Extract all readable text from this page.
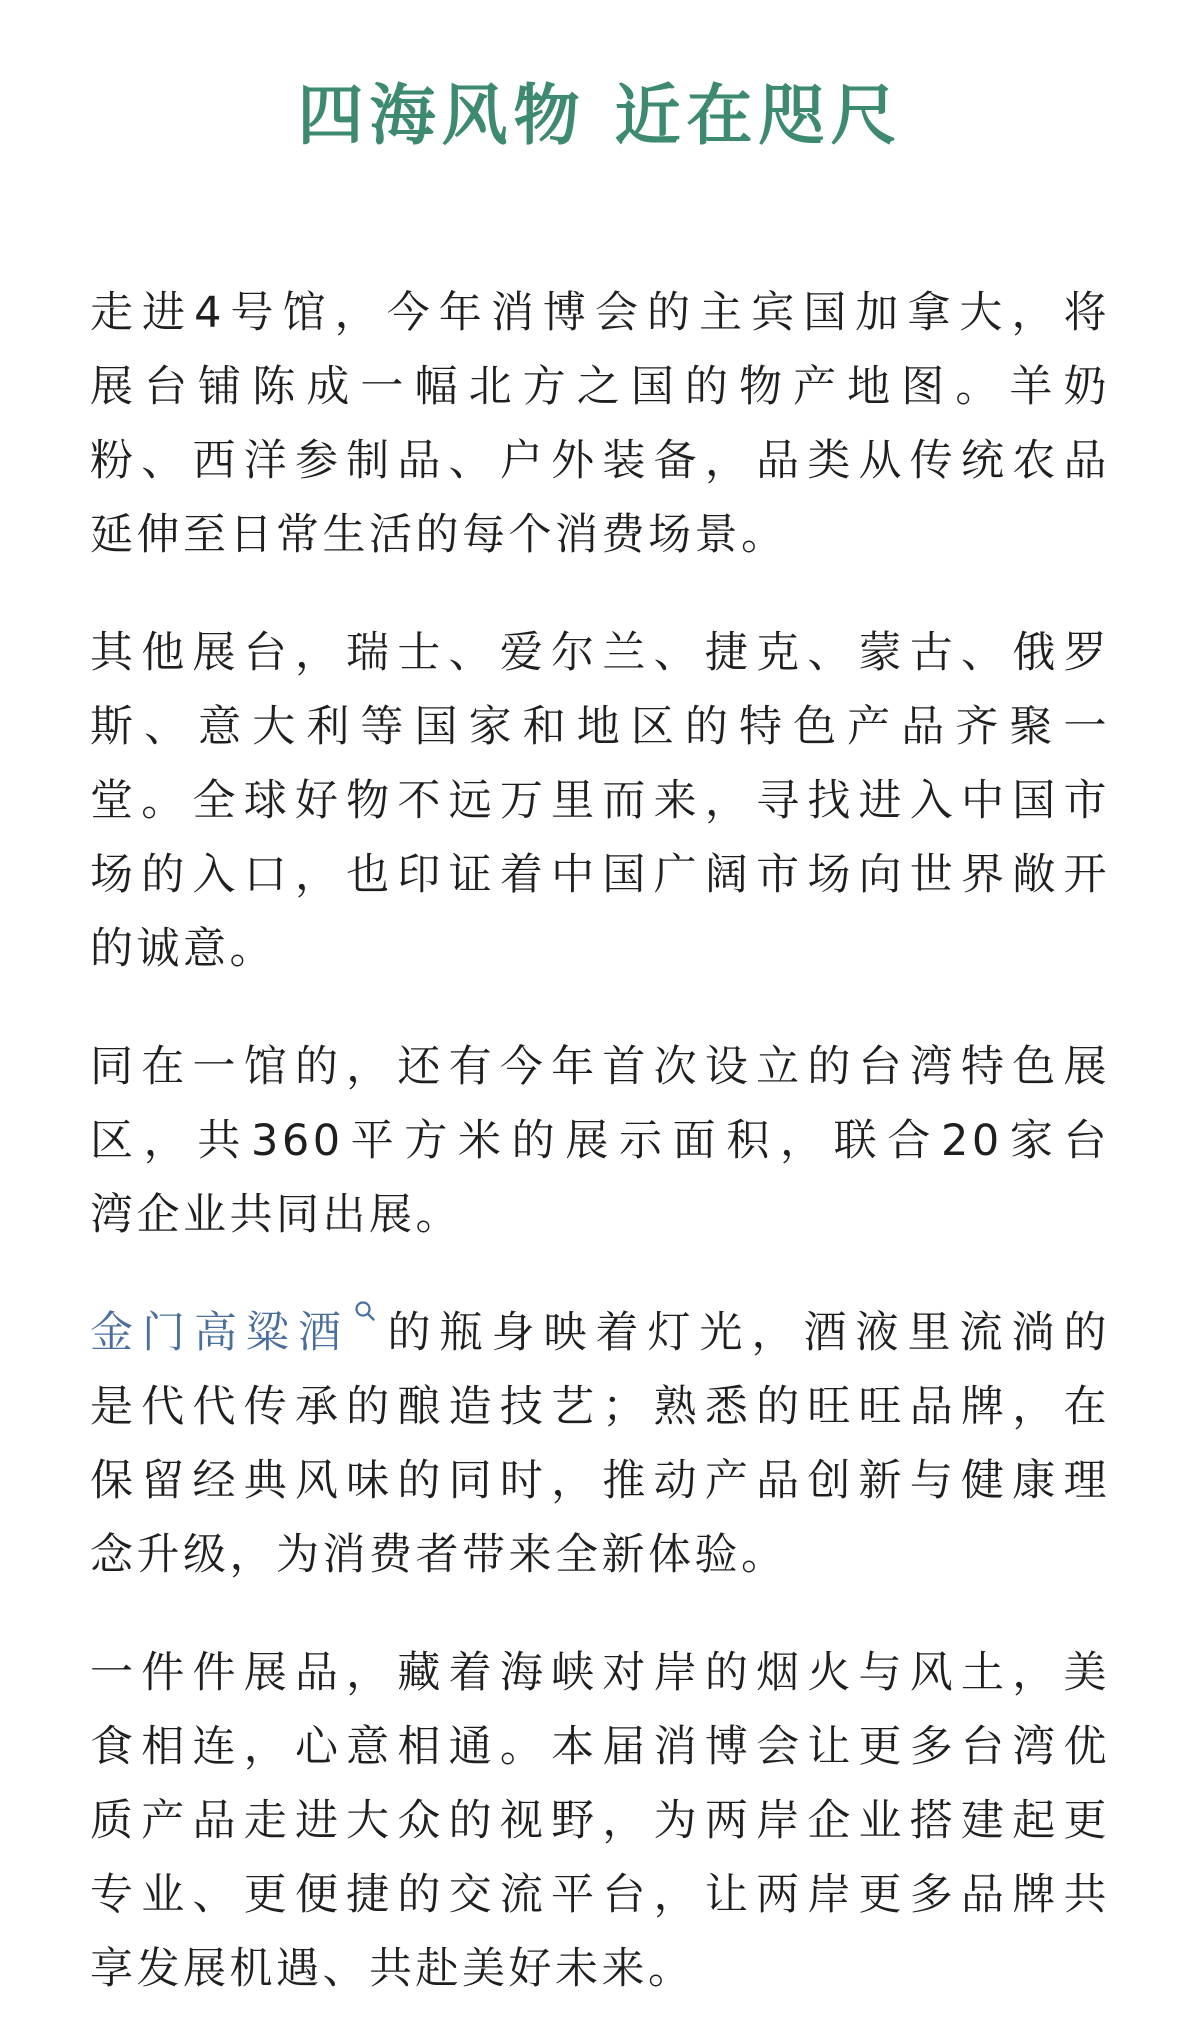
四海风物 近在咫尺

走进4号馆，今年消博会的主宾国加拿大，将
展台铺陈成一幅北方之国的物产地图。羊奶
粉、西洋参制品、户外装备，品类从传统农品
延伸至日常生活的每个消费场景。

其他展台，瑞士、爱尔兰、捷克、蒙古、俄罗
斯、意大利等国家和地区的特色产品齐聚一
堂。全球好物不远万里而来，寻找进入中国市
场的入口，也印证着中国广阔市场向世界敞开
的诚意。

同在一馆的，还有今年首次设立的台湾特色展
区，共360平方米的展示面积，联合20家台
湾企业共同出展。

金门高粱酒 的瓶身映着灯光，酒液里流淌的
是代代传承的酿造技艺；熟悉的旺旺品牌，在
保留经典风味的同时，推动产品创新与健康理
念升级，为消费者带来全新体验。

一件件展品，藏着海峡对岸的烟火与风土，美
食相连，心意相通。本届消博会让更多台湾优
质产品走进大众的视野，为两岸企业搭建起更
专业、更便捷的交流平台，让两岸更多品牌共
享发展机遇、共赴美好未来。
